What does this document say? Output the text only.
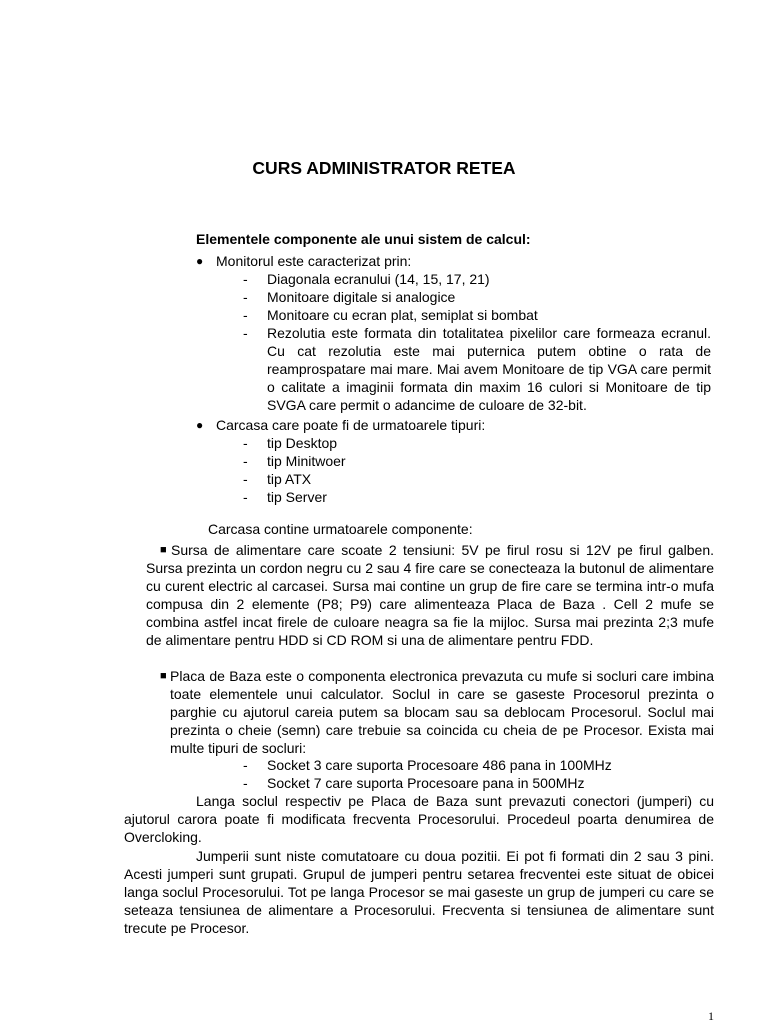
CURS ADMINISTRATOR RETEA
Elementele componente ale unui sistem de calcul:
● Monitorul este caracterizat prin:
- Diagonala ecranului (14, 15, 17, 21)
- Monitoare digitale si analogice
- Monitoare cu ecran plat, semiplat si bombat
- Rezolutia este formata din totalitatea pixelilor care formeaza ecranul. Cu cat rezolutia este mai puternica putem obtine o rata de reamprospatare mai mare. Mai avem Monitoare de tip VGA care permit o calitate a imaginii formata din maxim 16 culori si Monitoare de tip SVGA care permit o adancime de culoare de 32-bit.
● Carcasa care poate fi de urmatoarele tipuri:
- tip Desktop
- tip Minitwoer
- tip ATX
- tip Server
Carcasa contine urmatoarele componente:
■ Sursa de alimentare care scoate 2 tensiuni: 5V pe firul rosu si 12V pe firul galben. Sursa prezinta un cordon negru cu 2 sau 4 fire care se conecteaza la butonul de alimentare cu curent electric al carcasei. Sursa mai contine un grup de fire care se termina intr-o mufa compusa din 2 elemente (P8; P9) care alimenteaza Placa de Baza . Cell 2 mufe se combina astfel incat firele de culoare neagra sa fie la mijloc. Sursa mai prezinta 2;3 mufe de alimentare pentru HDD si CD ROM si una de alimentare pentru FDD.
■ Placa de Baza este o componenta electronica prevazuta cu mufe si socluri care imbina toate elementele unui calculator. Soclul in care se gaseste Procesorul prezinta o parghie cu ajutorul careia putem sa blocam sau sa deblocam Procesorul. Soclul mai prezinta o cheie (semn) care trebuie sa coincida cu cheia de pe Procesor. Exista mai multe tipuri de socluri:
- Socket 3 care suporta Procesoare 486 pana in 100MHz
- Socket 7 care suporta Procesoare pana in 500MHz
Langa soclul respectiv pe Placa de Baza sunt prevazuti conectori (jumperi) cu ajutorul carora poate fi modificata frecventa Procesorului. Procedeul poarta denumirea de Overcloking.
Jumperii sunt niste comutatoare cu doua pozitii. Ei pot fi formati din 2 sau 3 pini. Acesti jumperi sunt grupati. Grupul de jumperi pentru setarea frecventei este situat de obicei langa soclul Procesorului. Tot pe langa Procesor se mai gaseste un grup de jumperi cu care se seteaza tensiunea de alimentare a Procesorului. Frecventa si tensiunea de alimentare sunt trecute pe Procesor.
1
